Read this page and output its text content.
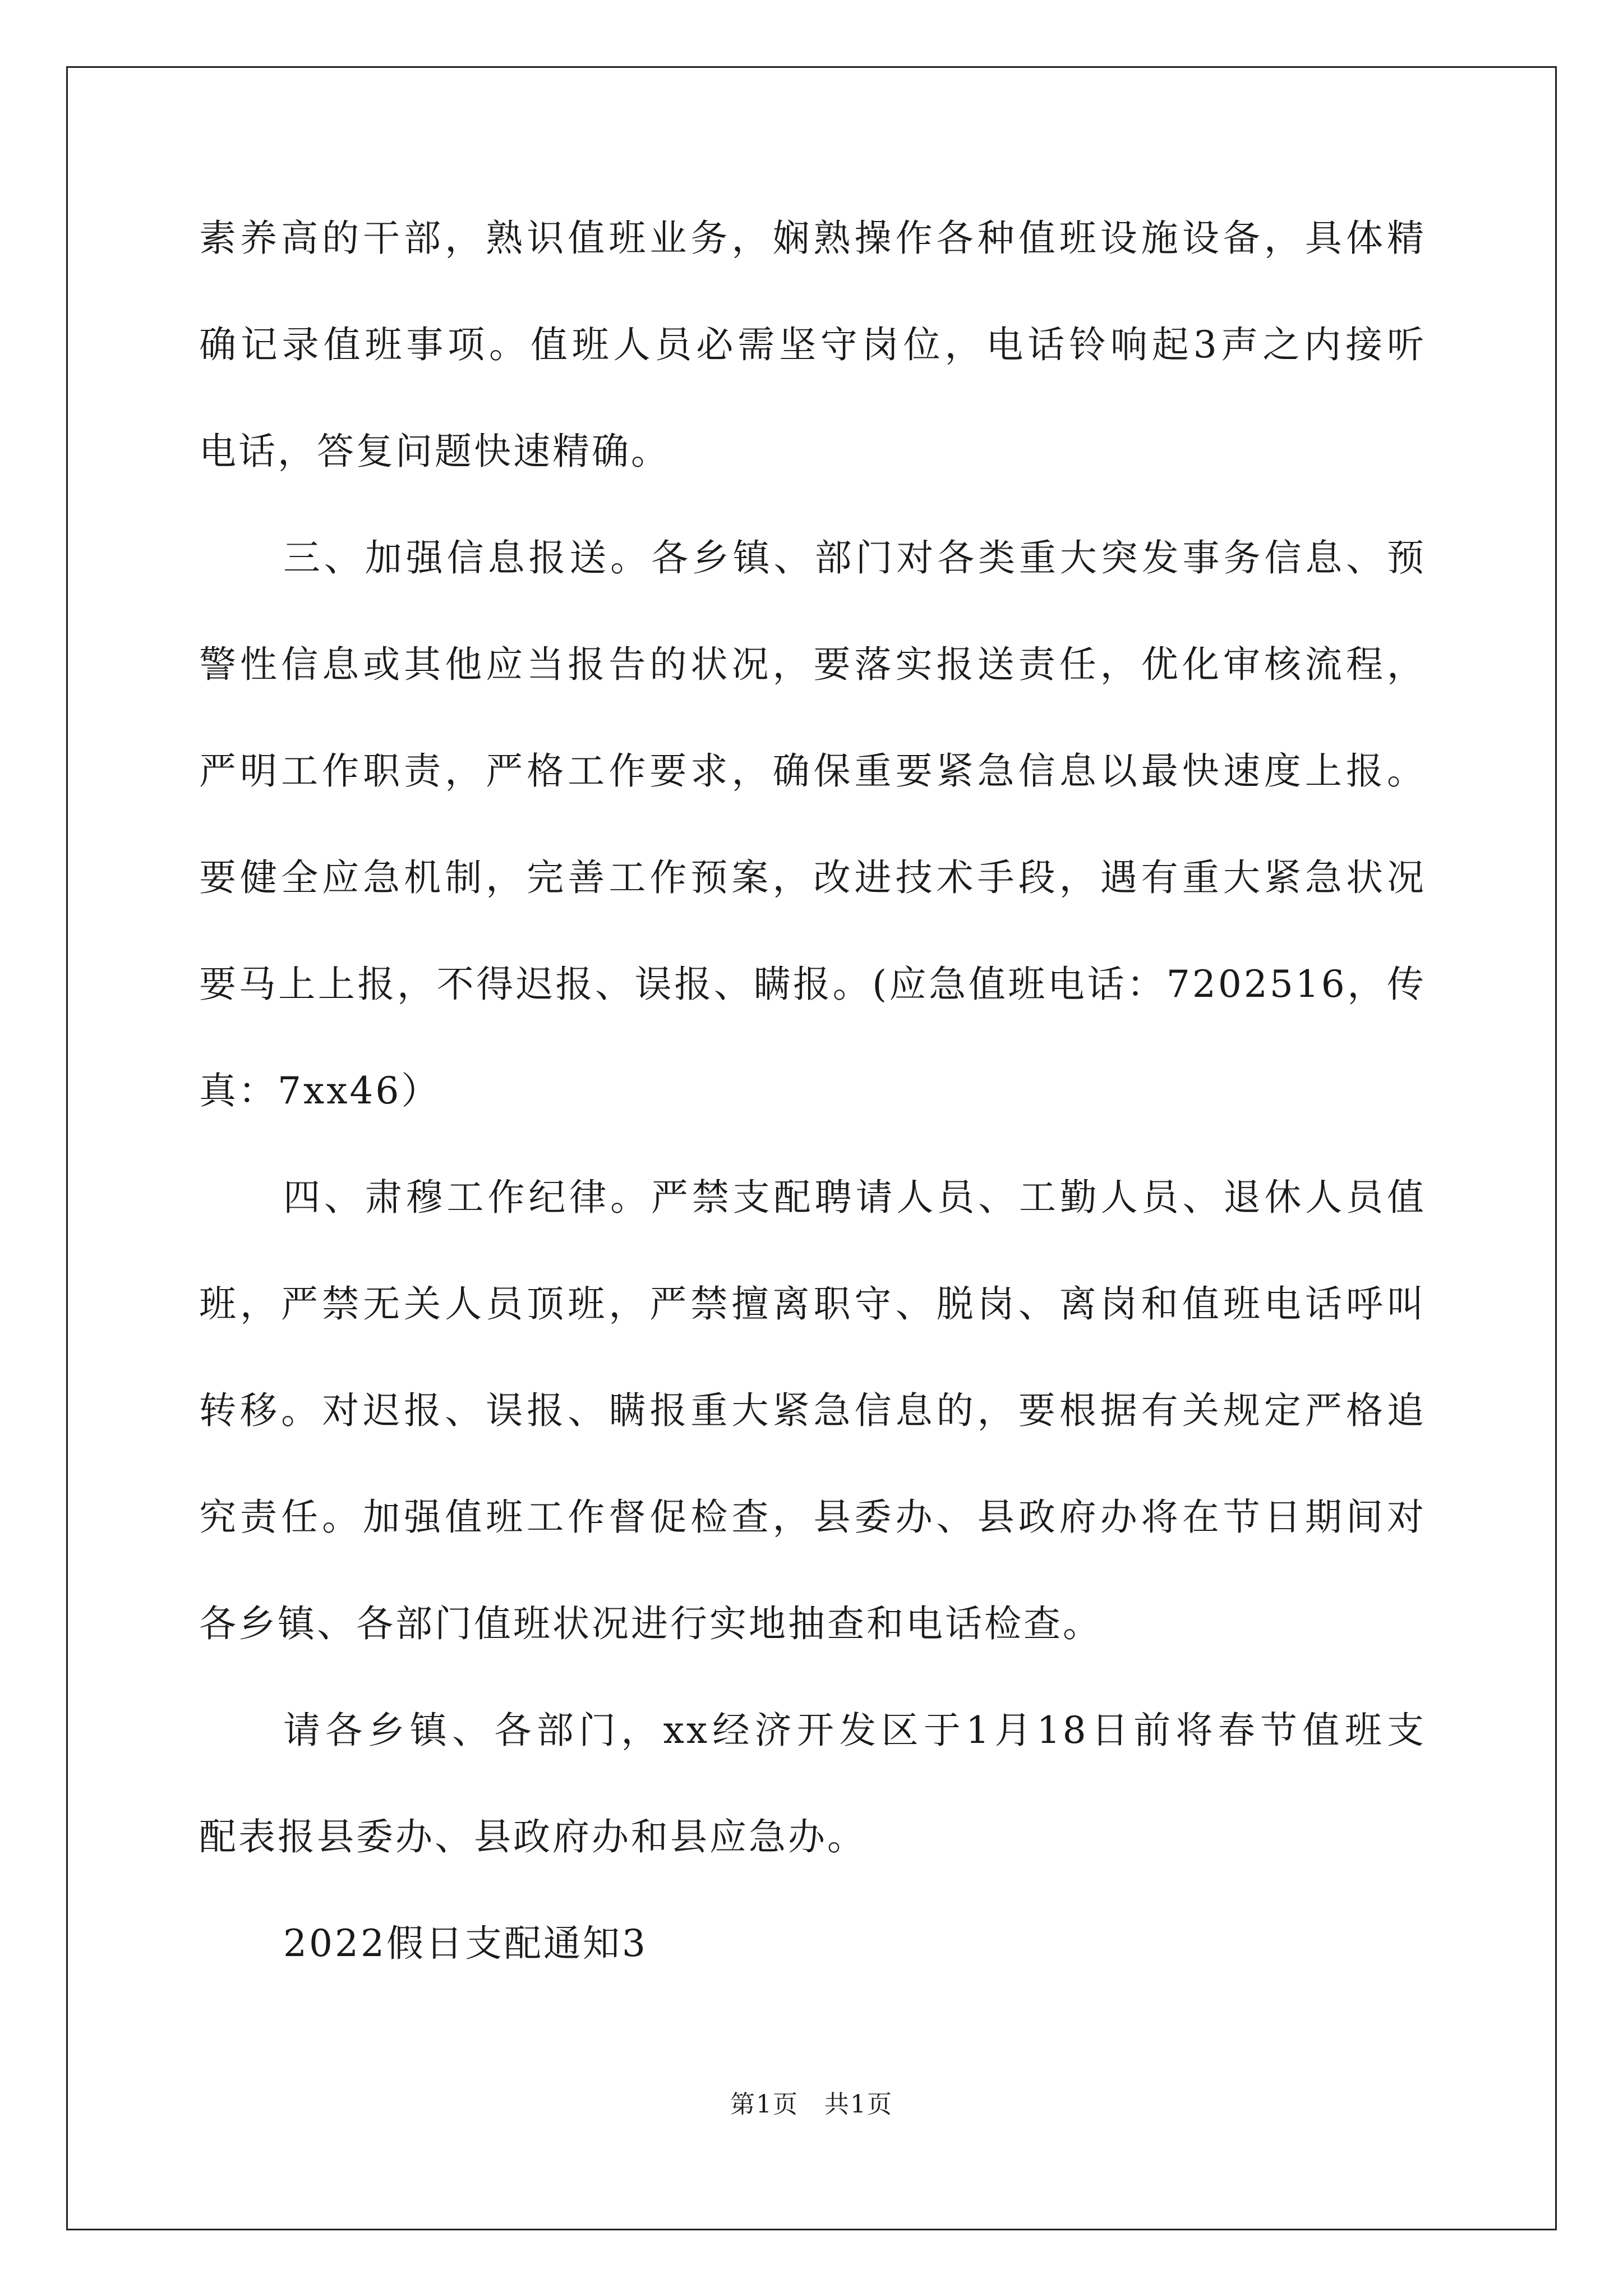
素养高的干部，熟识值班业务，娴熟操作各种值班设施设备，具体精
确记录值班事项。值班人员必需坚守岗位，电话铃响起3声之内接听
电话，答复问题快速精确。
三、加强信息报送。各乡镇、部门对各类重大突发事务信息、预
警性信息或其他应当报告的状况，要落实报送责任，优化审核流程，
严明工作职责，严格工作要求，确保重要紧急信息以最快速度上报。
要健全应急机制，完善工作预案，改进技术手段，遇有重大紧急状况
要马上上报，不得迟报、误报、瞒报。(应急值班电话：7202516，传
真：7xx46）
四、肃穆工作纪律。严禁支配聘请人员、工勤人员、退休人员值
班，严禁无关人员顶班，严禁擅离职守、脱岗、离岗和值班电话呼叫
转移。对迟报、误报、瞒报重大紧急信息的，要根据有关规定严格追
究责任。加强值班工作督促检查，县委办、县政府办将在节日期间对
各乡镇、各部门值班状况进行实地抽查和电话检查。
请各乡镇、各部门，xx经济开发区于1月18日前将春节值班支
配表报县委办、县政府办和县应急办。
2022假日支配通知3
第1页　共1页
